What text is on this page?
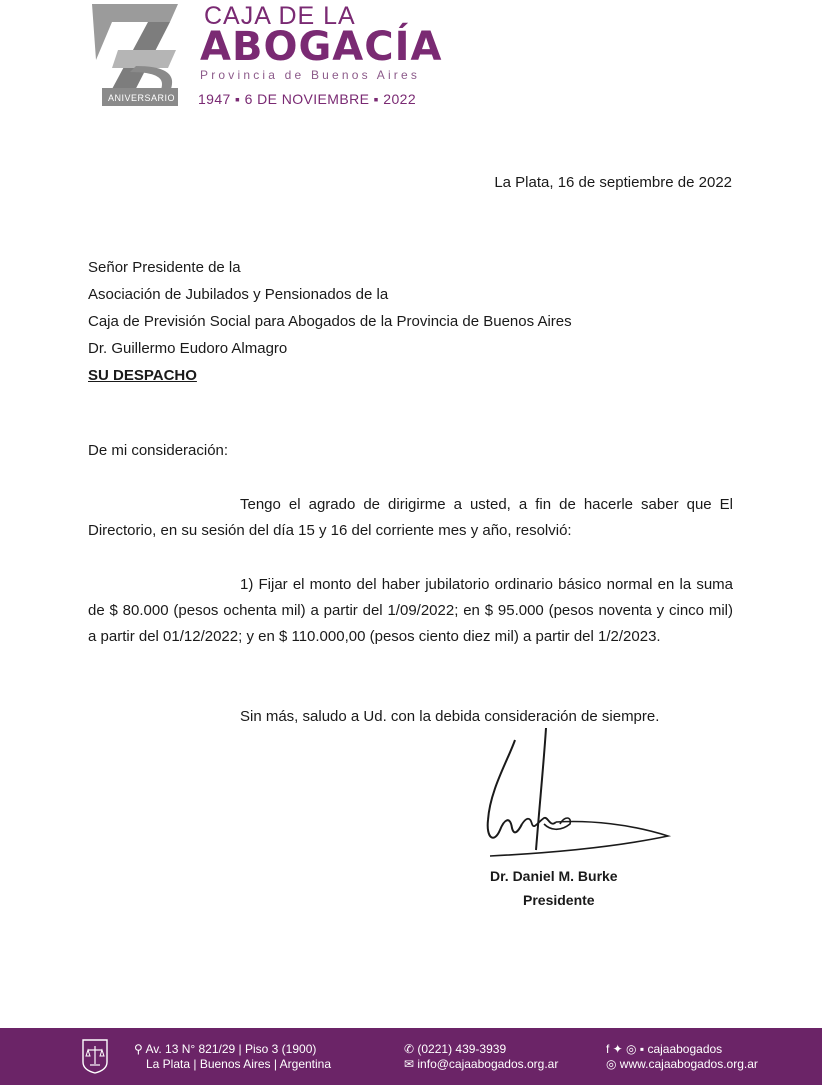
ANIVERSARIO
CAJA DE LA
ABOGACÍA
Provincia de Buenos Aires
1947 ▪ 6 DE NOVIEMBRE ▪ 2022
La Plata, 16 de septiembre de 2022
Señor Presidente de la
Asociación de Jubilados y Pensionados de la
Caja de Previsión Social para Abogados de la Provincia de Buenos Aires
Dr. Guillermo Eudoro Almagro
SU DESPACHO
De mi consideración:

Tengo el agrado de dirigirme a usted, a fin de hacerle saber que El Directorio, en su sesión del día 15 y 16 del corriente mes y año, resolvió:

1) Fijar el monto del haber jubilatorio ordinario básico normal en la suma de $ 80.000 (pesos ochenta mil) a partir del 1/09/2022; en $ 95.000 (pesos noventa y cinco mil) a partir del 01/12/2022; y en $ 110.000,00 (pesos ciento diez mil) a partir del 1/2/2023.

Sin más, saludo a Ud. con la debida consideración de siempre.
Dr. Daniel M. Burke
Presidente
⚲ Av. 13 N° 821/29 | Piso 3 (1900)
La Plata | Buenos Aires | Argentina
✆ (0221) 439-3939
✉ info@cajaabogados.org.ar
f ✦ ◎ ▪ cajaabogados
◎ www.cajaabogados.org.ar
